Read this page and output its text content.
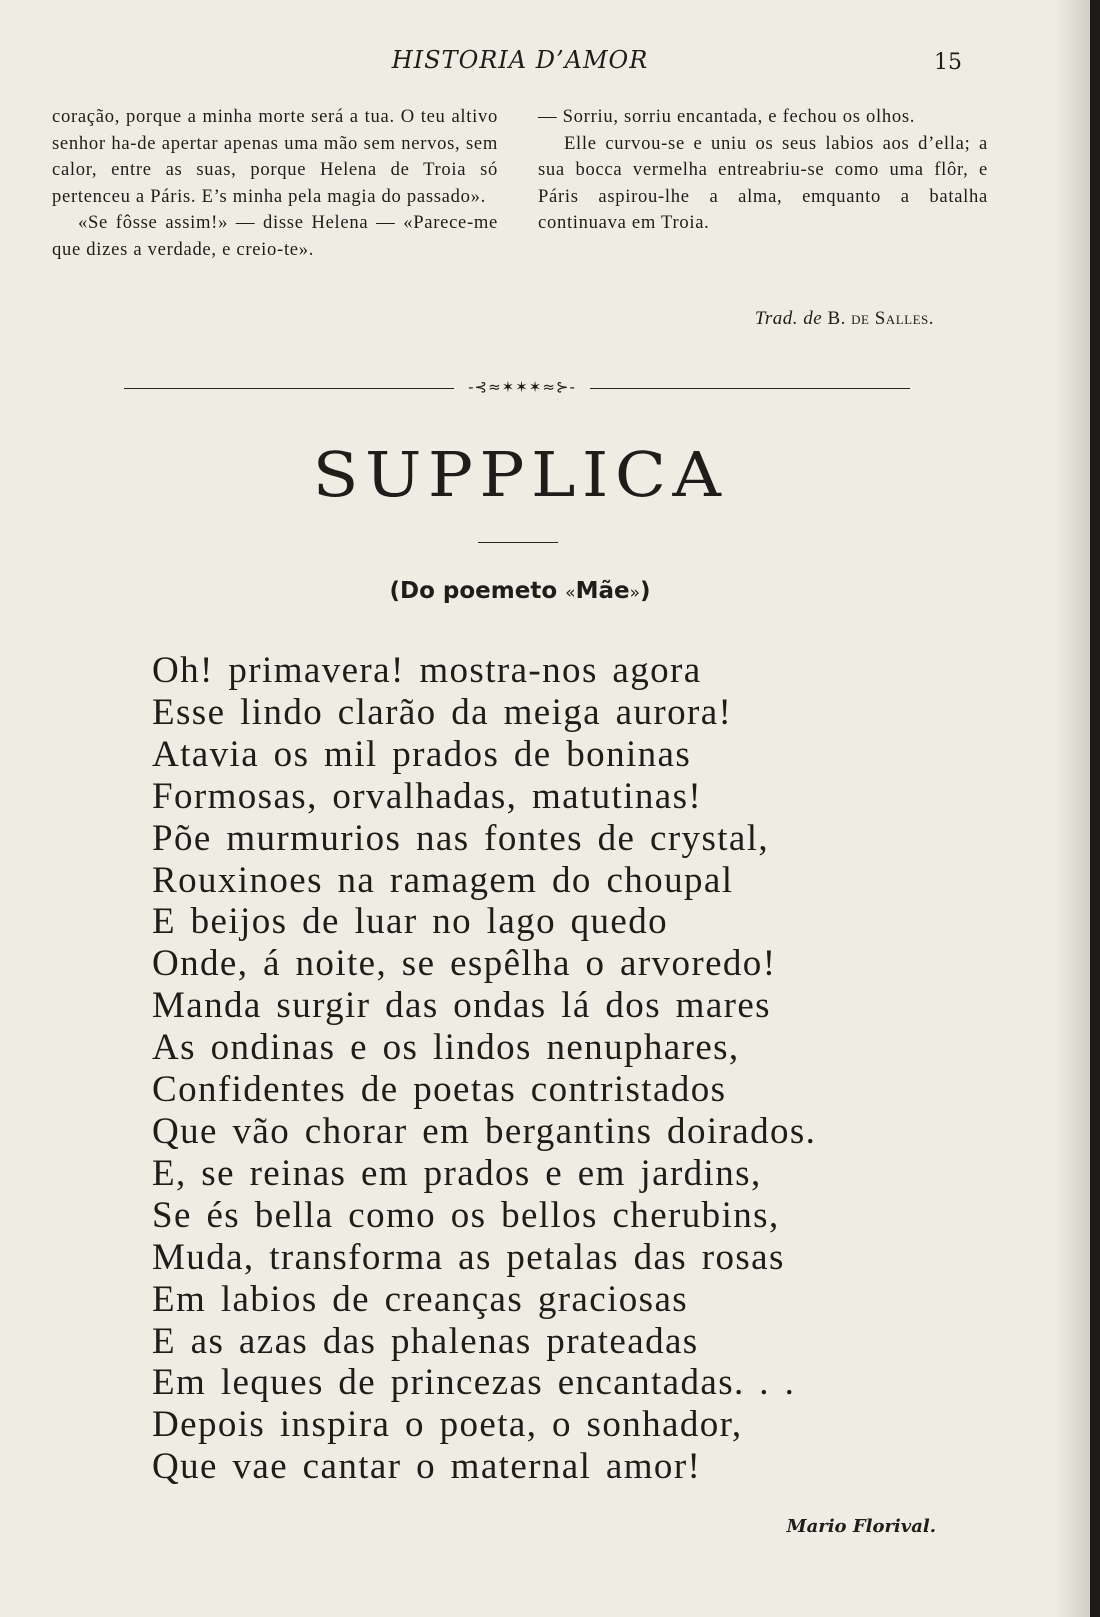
HISTORIA D’AMOR	15

coração, porque a minha morte será a tua. O teu altivo senhor ha-de apertar apenas uma mão sem nervos, sem calor, entre as suas, porque Helena de Troia só pertenceu a Páris. E’s minha pela magia do passado».

«Se fôsse assim!» — disse Helena — «Parece-me que dizes a verdade, e creio-te».

— Sorriu, sorriu encantada, e fechou os olhos.

Elle curvou-se e uniu os seus labios aos d’ella; a sua bocca vermelha entreabriu-se como uma flôr, e Páris aspirou-lhe a alma, emquanto a batalha continuava em Troia.

Trad. de B. de Salles.
-⊰≈✶✶✶≈⊱-
SUPPLICA
(Do poemeto «Mãe»)
Oh! primavera! mostra-nos agora
Esse lindo clarão da meiga aurora!
Atavia os mil prados de boninas
Formosas, orvalhadas, matutinas!
Põe murmurios nas fontes de crystal,
Rouxinoes na ramagem do choupal
E beijos de luar no lago quedo
Onde, á noite, se espêlha o arvoredo!
Manda surgir das ondas lá dos mares
As ondinas e os lindos nenuphares,
Confidentes de poetas contristados
Que vão chorar em bergantins doirados.
E, se reinas em prados e em jardins,
Se és bella como os bellos cherubins,
Muda, transforma as petalas das rosas
Em labios de creanças graciosas
E as azas das phalenas prateadas
Em leques de princezas encantadas. . .
Depois inspira o poeta, o sonhador,
Que vae cantar o maternal amor!
Mario Florival.
